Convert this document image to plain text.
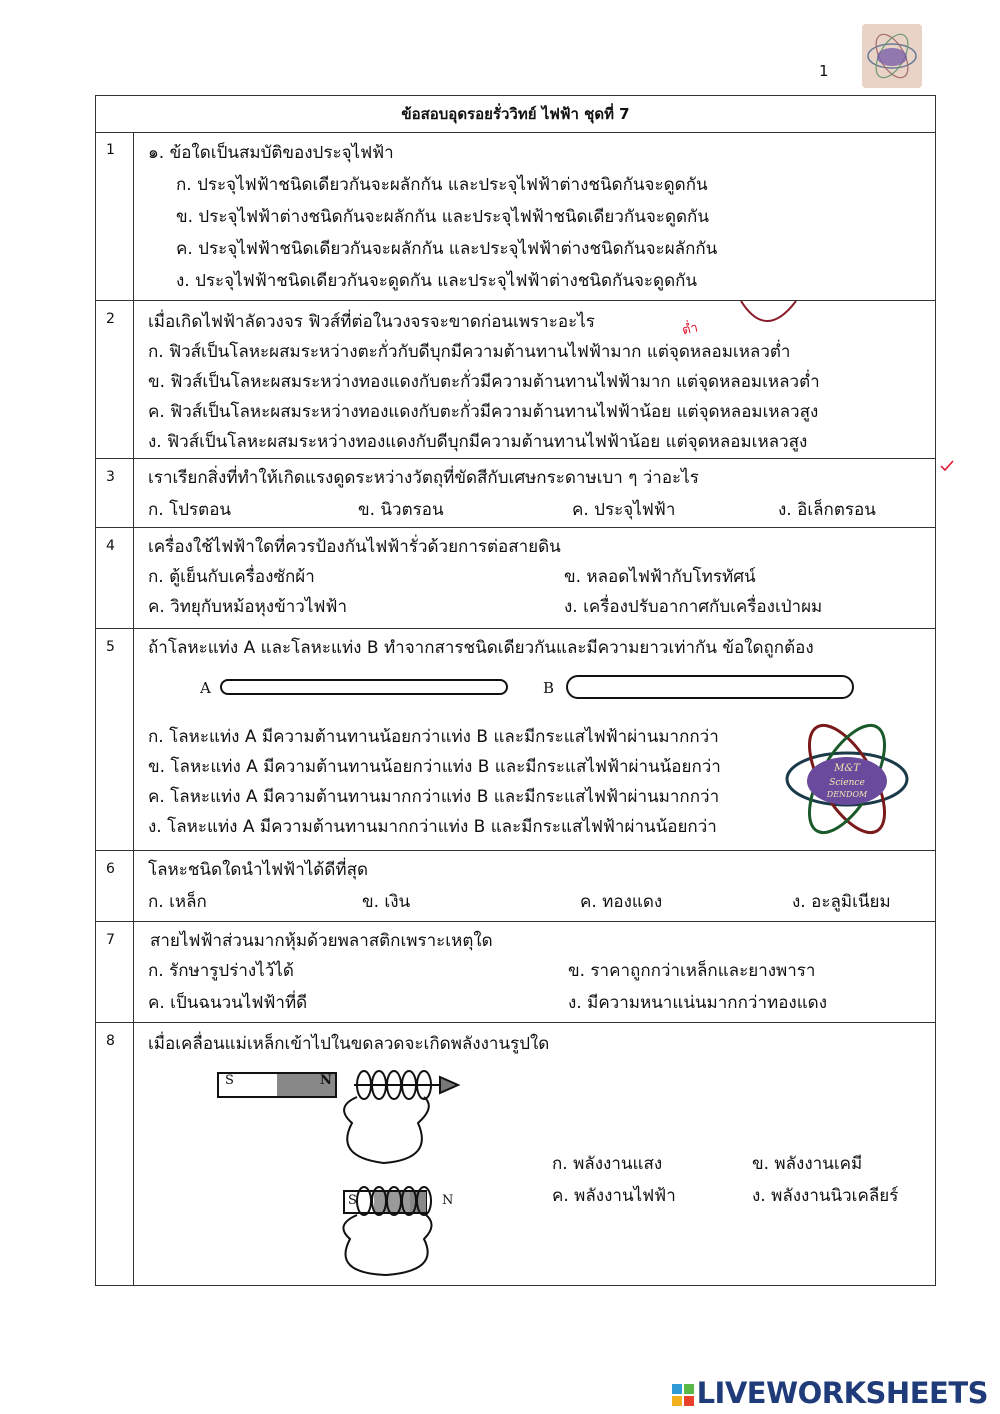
1
ข้อสอบอุดรอยรั่ววิทย์ ไฟฟ้า ชุดที่ 7
1 ๑. ข้อใดเป็นสมบัติของประจุไฟฟ้า
ก. ประจุไฟฟ้าชนิดเดียวกันจะผลักกัน และประจุไฟฟ้าต่างชนิดกันจะดูดกัน
ข. ประจุไฟฟ้าต่างชนิดกันจะผลักกัน และประจุไฟฟ้าชนิดเดียวกันจะดูดกัน
ค. ประจุไฟฟ้าชนิดเดียวกันจะผลักกัน และประจุไฟฟ้าต่างชนิดกันจะผลักกัน
ง. ประจุไฟฟ้าชนิดเดียวกันจะดูดกัน และประจุไฟฟ้าต่างชนิดกันจะดูดกัน
2 เมื่อเกิดไฟฟ้าลัดวงจร ฟิวส์ที่ต่อในวงจรจะขาดก่อนเพราะอะไร	ต่ำ
ก. ฟิวส์เป็นโลหะผสมระหว่างตะกั่วกับดีบุกมีความต้านทานไฟฟ้ามาก แต่จุดหลอมเหลวต่ำ
ข. ฟิวส์เป็นโลหะผสมระหว่างทองแดงกับตะกั่วมีความต้านทานไฟฟ้ามาก แต่จุดหลอมเหลวต่ำ
ค. ฟิวส์เป็นโลหะผสมระหว่างทองแดงกับตะกั่วมีความต้านทานไฟฟ้าน้อย แต่จุดหลอมเหลวสูง
ง. ฟิวส์เป็นโลหะผสมระหว่างทองแดงกับดีบุกมีความต้านทานไฟฟ้าน้อย แต่จุดหลอมเหลวสูง
3 เราเรียกสิ่งที่ทำให้เกิดแรงดูดระหว่างวัตถุที่ขัดสีกับเศษกระดาษเบา ๆ ว่าอะไร
ก. โปรตอน	ข. นิวตรอน	ค. ประจุไฟฟ้า	ง. อิเล็กตรอน
4 เครื่องใช้ไฟฟ้าใดที่ควรป้องกันไฟฟ้ารั่วด้วยการต่อสายดิน
ก. ตู้เย็นกับเครื่องซักผ้า	ข. หลอดไฟฟ้ากับโทรทัศน์
ค. วิทยุกับหม้อหุงข้าวไฟฟ้า	ง. เครื่องปรับอากาศกับเครื่องเป่าผม
5 ถ้าโลหะแท่ง A และโลหะแท่ง B ทำจากสารชนิดเดียวกันและมีความยาวเท่ากัน ข้อใดถูกต้อง
A	B
ก. โลหะแท่ง A มีความต้านทานน้อยกว่าแท่ง B และมีกระแสไฟฟ้าผ่านมากกว่า
ข. โลหะแท่ง A มีความต้านทานน้อยกว่าแท่ง B และมีกระแสไฟฟ้าผ่านน้อยกว่า
ค. โลหะแท่ง A มีความต้านทานมากกว่าแท่ง B และมีกระแสไฟฟ้าผ่านมากกว่า
ง. โลหะแท่ง A มีความต้านทานมากกว่าแท่ง B และมีกระแสไฟฟ้าผ่านน้อยกว่า
M&T
Science
DENDOM
6 โลหะชนิดใดนำไฟฟ้าได้ดีที่สุด
ก. เหล็ก	ข. เงิน	ค. ทองแดง	ง. อะลูมิเนียม
7 สายไฟฟ้าส่วนมากหุ้มด้วยพลาสติกเพราะเหตุใด
ก. รักษารูปร่างไว้ได้	ข. ราคาถูกกว่าเหล็กและยางพารา
ค. เป็นฉนวนไฟฟ้าที่ดี	ง. มีความหนาแน่นมากกว่าทองแดง
8 เมื่อเคลื่อนแม่เหล็กเข้าไปในขดลวดจะเกิดพลังงานรูปใด
S	N
S	N
ก. พลังงานแสง	ข. พลังงานเคมี
ค. พลังงานไฟฟ้า	ง. พลังงานนิวเคลียร์
LIVEWORKSHEETS
